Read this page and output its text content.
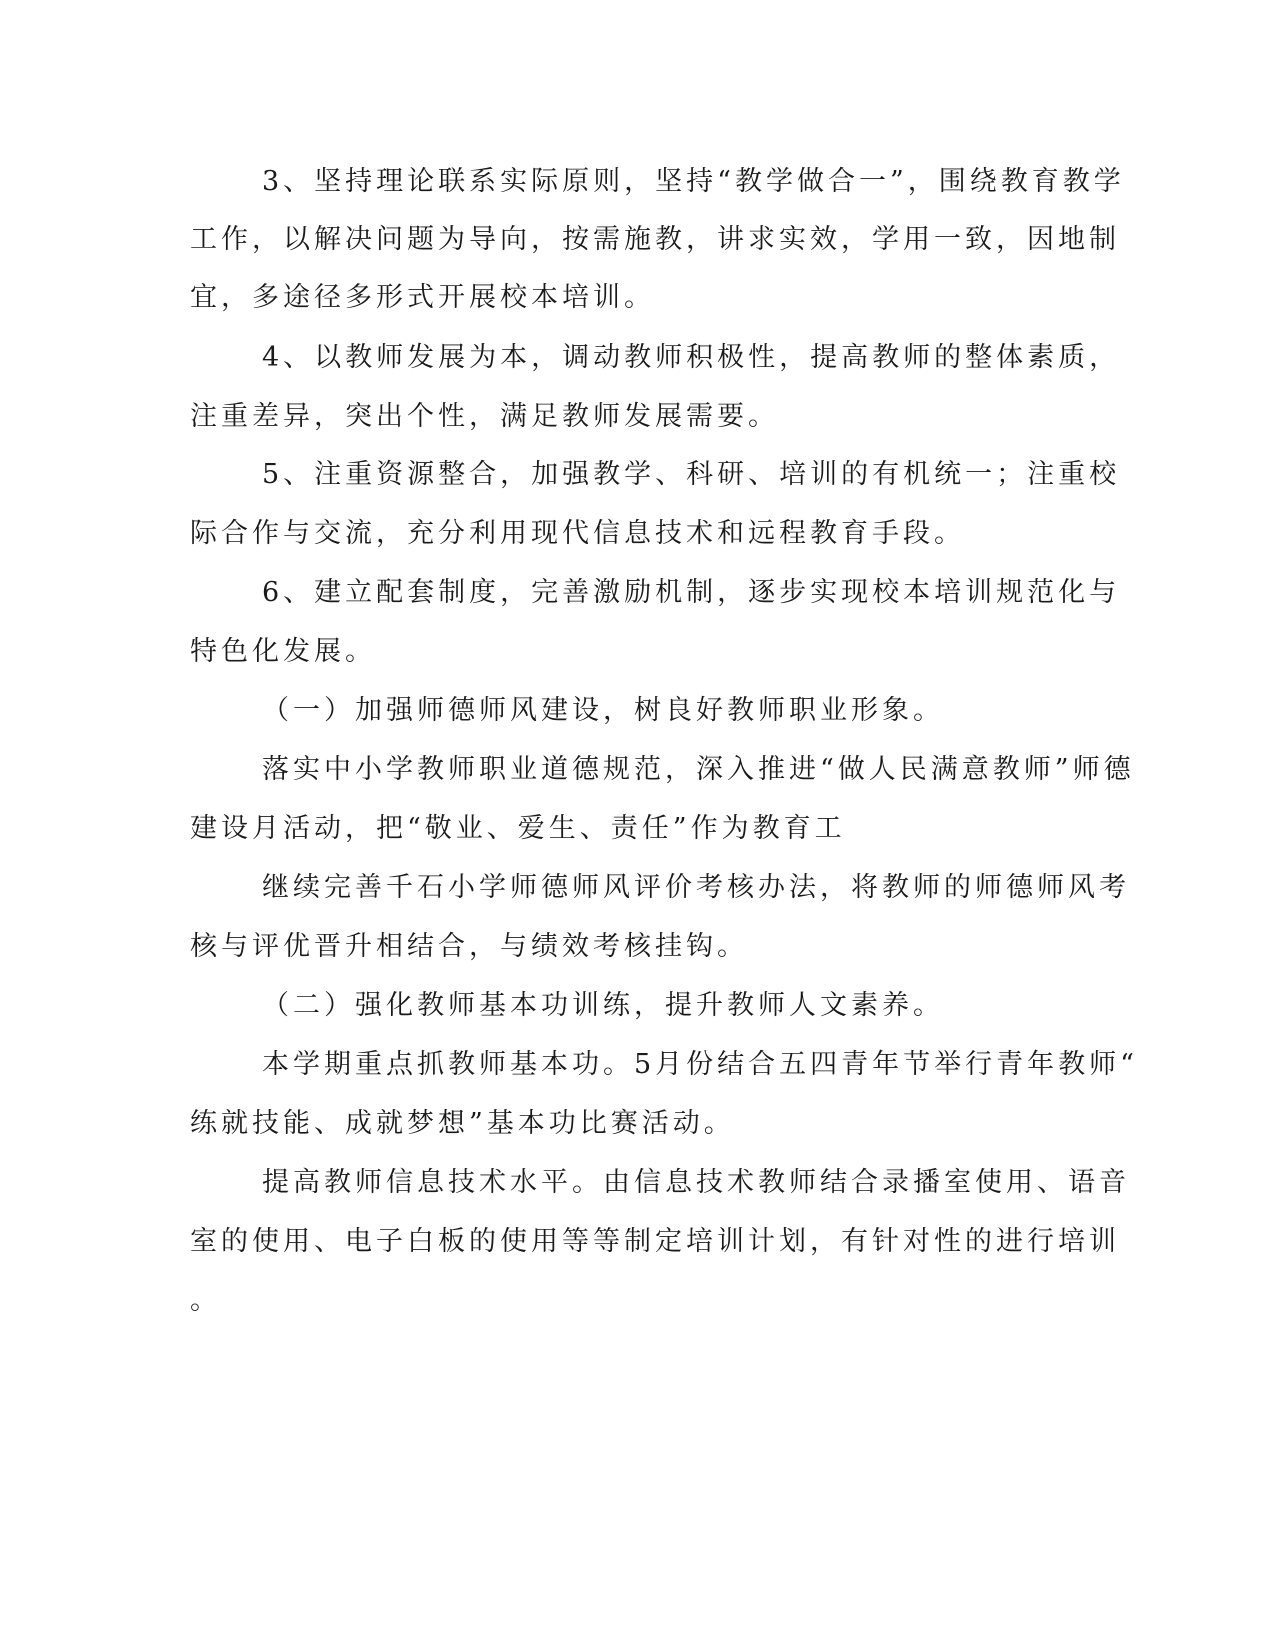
3、坚持理论联系实际原则，坚持“教学做合一”，围绕教育教学
工作，以解决问题为导向，按需施教，讲求实效，学用一致，因地制
宜，多途径多形式开展校本培训。
4、以教师发展为本，调动教师积极性，提高教师的整体素质，
注重差异，突出个性，满足教师发展需要。
5、注重资源整合，加强教学、科研、培训的有机统一；注重校
际合作与交流，充分利用现代信息技术和远程教育手段。
6、建立配套制度，完善激励机制，逐步实现校本培训规范化与
特色化发展。
（一）加强师德师风建设，树良好教师职业形象。
落实中小学教师职业道德规范，深入推进“做人民满意教师”师德
建设月活动，把“敬业、爱生、责任”作为教育工
继续完善千石小学师德师风评价考核办法，将教师的师德师风考
核与评优晋升相结合，与绩效考核挂钩。
（二）强化教师基本功训练，提升教师人文素养。
本学期重点抓教师基本功。5月份结合五四青年节举行青年教师“
练就技能、成就梦想”基本功比赛活动。
提高教师信息技术水平。由信息技术教师结合录播室使用、语音
室的使用、电子白板的使用等等制定培训计划，有针对性的进行培训
。
